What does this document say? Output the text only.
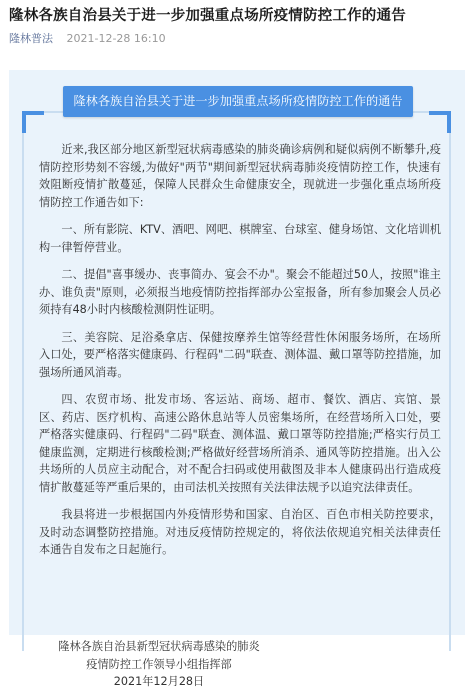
隆林各族自治县关于进一步加强重点场所疫情防控工作的通告
隆林普法 2021-12-28 16:10
隆林各族自治县关于进一步加强重点场所疫情防控工作的通告

近来,我区部分地区新型冠状病毒感染的肺炎确诊病例和疑似病例不断攀升,疫情防控形势刻不容缓,为做好"两节"期间新型冠状病毒肺炎疫情防控工作，快速有效阻断疫情扩散蔓延，保障人民群众生命健康安全，现就进一步强化重点场所疫情防控工作通告如下:

一、所有影院、KTV、酒吧、网吧、棋牌室、台球室、健身场馆、文化培训机构一律暂停营业。

二、提倡"喜事缓办、丧事简办、宴会不办"。聚会不能超过50人，按照"谁主办、谁负责"原则，必须报当地疫情防控指挥部办公室报备，所有参加聚会人员必须持有48小时内核酸检测阴性证明。

三、美容院、足浴桑拿店、保健按摩养生馆等经营性休闲服务场所，在场所入口处，要严格落实健康码、行程码"二码"联查、测体温、戴口罩等防控措施，加强场所通风消毒。

四、农贸市场、批发市场、客运站、商场、超市、餐饮、酒店、宾馆、景区、药店、医疗机构、高速公路休息站等人员密集场所，在经营场所入口处，要严格落实健康码、行程码"二码"联查、测体温、戴口罩等防控措施;严格实行员工健康监测，定期进行核酸检测;严格做好经营场所消杀、通风等防控措施。出入公共场所的人员应主动配合，对不配合扫码或使用截图及非本人健康码出行造成疫情扩散蔓延等严重后果的，由司法机关按照有关法律法规予以追究法律责任。

我县将进一步根据国内外疫情形势和国家、自治区、百色市相关防控要求，及时动态调整防控措施。对违反疫情防控规定的，将依法依规追究相关法律责任本通告自发布之日起施行。

隆林各族自治县新型冠状病毒感染的肺炎
疫情防控工作领导小组指挥部
2021年12月28日
